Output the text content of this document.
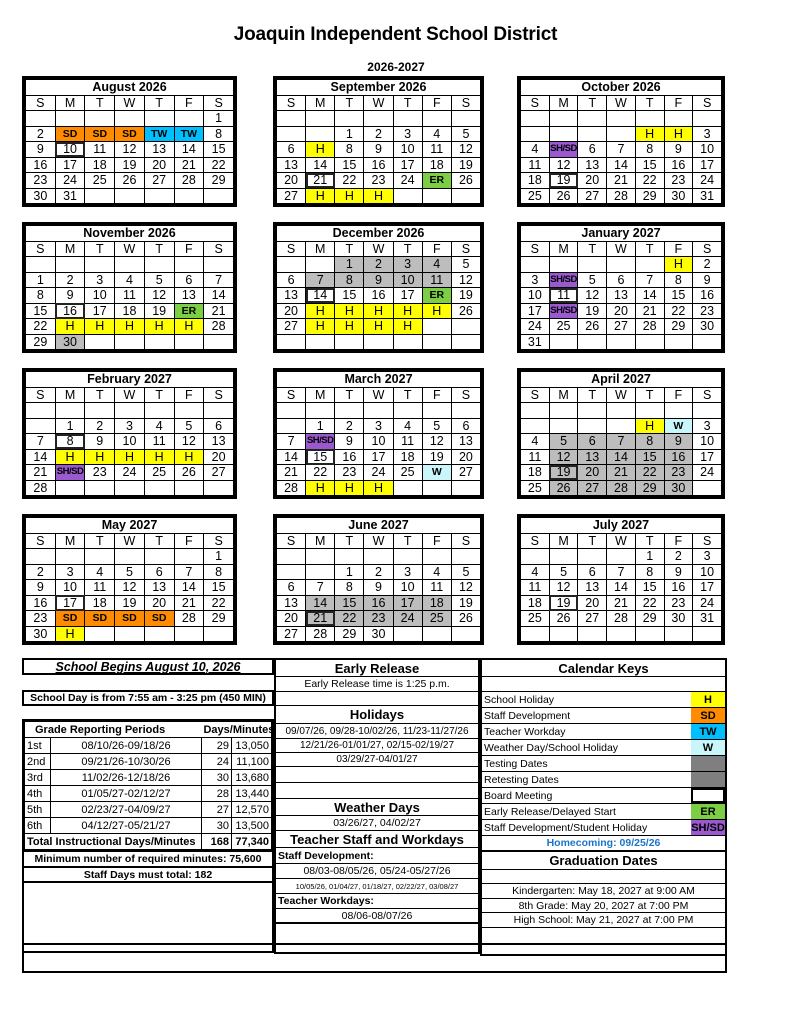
Joaquin Independent School District
2026-2027
August 2026						
S	M	T	W	T	F	S
						1
2	SD	SD	SD	TW	TW	8
9	10	11	12	13	14	15
16	17	18	19	20	21	22
23	24	25	26	27	28	29
30	31					
September 2026						
S	M	T	W	T	F	S

		1	2	3	4	5
6	H	8	9	10	11	12
13	14	15	16	17	18	19
20	21	22	23	24	ER	26
27	H	H	H			
October 2026						
S	M	T	W	T	F	S

				H	H	3
4	SH/SD	6	7	8	9	10
11	12	13	14	15	16	17
18	19	20	21	22	23	24
25	26	27	28	29	30	31
November 2026						
S	M	T	W	T	F	S

1	2	3	4	5	6	7
8	9	10	11	12	13	14
15	16	17	18	19	ER	21
22	H	H	H	H	H	28
29	30					
December 2026						
S	M	T	W	T	F	S
		1	2	3	4	5
6	7	8	9	10	11	12
13	14	15	16	17	ER	19
20	H	H	H	H	H	26
27	H	H	H	H		

January 2027						
S	M	T	W	T	F	S
					H	2
3	SH/SD	5	6	7	8	9
10	11	12	13	14	15	16
17	SH/SD	19	20	21	22	23
24	25	26	27	28	29	30
31						
February 2027						
S	M	T	W	T	F	S

	1	2	3	4	5	6
7	8	9	10	11	12	13
14	H	H	H	H	H	20
21	SH/SD	23	24	25	26	27
28						
March 2027						
S	M	T	W	T	F	S

	1	2	3	4	5	6
7	SH/SD	9	10	11	12	13
14	15	16	17	18	19	20
21	22	23	24	25	W	27
28	H	H	H			
April 2027						
S	M	T	W	T	F	S

				H	W	3
4	5	6	7	8	9	10
11	12	13	14	15	16	17
18	19	20	21	22	23	24
25	26	27	28	29	30	
May 2027						
S	M	T	W	T	F	S
						1
2	3	4	5	6	7	8
9	10	11	12	13	14	15
16	17	18	19	20	21	22
23	SD	SD	SD	SD	28	29
30	H					
June 2027						
S	M	T	W	T	F	S

		1	2	3	4	5
6	7	8	9	10	11	12
13	14	15	16	17	18	19
20	21	22	23	24	25	26
27	28	29	30			
July 2027						
S	M	T	W	T	F	S
				1	2	3
4	5	6	7	8	9	10
11	12	13	14	15	16	17
18	19	20	21	22	23	24
25	26	27	28	29	30	31

School Begins August 10, 2026
School Day is from 7:55 am - 3:25 pm (450 MIN)
Grade Reporting Periods		Days/Minutes	
1st	08/10/26-09/18/26	29	13,050
2nd	09/21/26-10/30/26	24	11,100
3rd	11/02/26-12/18/26	30	13,680
4th	01/05/27-02/12/27	28	13,440
5th	02/23/27-04/09/27	27	12,570
6th	04/12/27-05/21/27	30	13,500
Total Instructional Days/Minutes		168	77,340
Minimum number of required minutes: 75,600
Staff Days must total: 182
Early Release
Early Release time is 1:25 p.m.
Holidays
09/07/26, 09/28-10/02/26, 11/23-11/27/26
12/21/26-01/01/27, 02/15-02/19/27
03/29/27-04/01/27
Weather Days
03/26/27, 04/02/27
Teacher Staff and Workdays
Staff Development:
08/03-08/05/26, 05/24-05/27/26
10/05/26, 01/04/27, 01/18/27, 02/22/27, 03/08/27
Teacher Workdays:
08/06-08/07/26
Calendar Keys
School Holiday	H
Staff Development	SD
Teacher Workday	TW
Weather Day/School Holiday	W
Testing Dates
Retesting Dates
Board Meeting
Early Release/Delayed Start	ER
Staff Development/Student Holiday	SH/SD
Homecoming: 09/25/26
Graduation Dates
Kindergarten: May 18, 2027 at 9:00 AM
8th Grade: May 20, 2027 at 7:00 PM
High School: May 21, 2027 at 7:00 PM
